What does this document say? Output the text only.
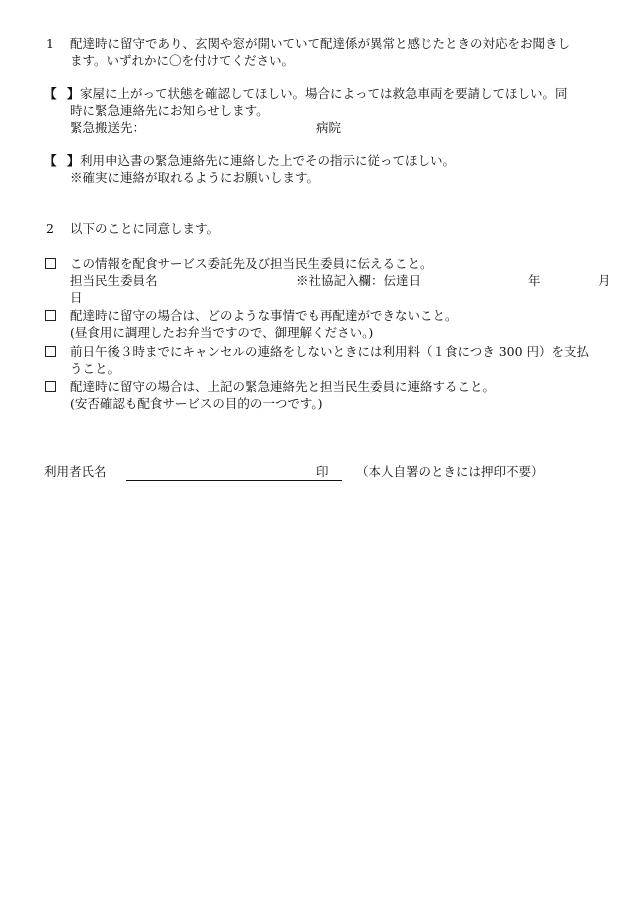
1 配達時に留守であり、玄関や窓が開いていて配達係が異常と感じたときの対応をお聞きし
ます。いずれかに〇を付けてください。
【 】 家屋に上がって状態を確認してほしい。場合によっては救急車両を要請してほしい。同
時に緊急連絡先にお知らせします。
緊急搬送先：	病院
【 】 利用申込書の緊急連絡先に連絡した上でその指示に従ってほしい。
※確実に連絡が取れるようにお願いします。
2 以下のことに同意します。
この情報を配食サービス委託先及び担当民生委員に伝えること。
担当民生委員名	※社協記入欄：伝達日	年	月
日
配達時に留守の場合は、どのような事情でも再配達ができないこと。
(昼食用に調理したお弁当ですので、御理解ください。)
前日午後３時までにキャンセルの連絡をしないときには利用料（１食につき 300 円）を支払
うこと。
配達時に留守の場合は、上記の緊急連絡先と担当民生委員に連絡すること。
(安否確認も配食サービスの目的の一つです。)
利用者氏名	印 （本人自署のときには押印不要）
